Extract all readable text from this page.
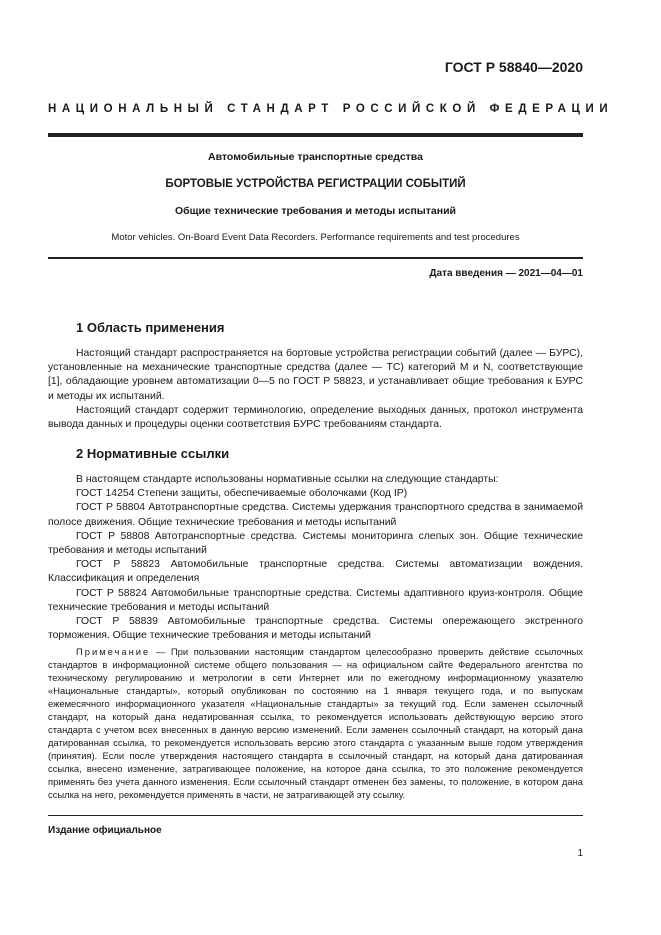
ГОСТ Р 58840—2020
НАЦИОНАЛЬНЫЙ СТАНДАРТ РОССИЙСКОЙ ФЕДЕРАЦИИ
Автомобильные транспортные средства
БОРТОВЫЕ УСТРОЙСТВА РЕГИСТРАЦИИ СОБЫТИЙ
Общие технические требования и методы испытаний
Motor vehicles. On-Board Event Data Recorders. Performance requirements and test procedures
Дата введения — 2021—04—01
1 Область применения

Настоящий стандарт распространяется на бортовые устройства регистрации событий (далее — БУРС), установленные на механические транспортные средства (далее — ТС) категорий M и N, соответствующие [1], обладающие уровнем автоматизации 0—5 по ГОСТ Р 58823, и устанавливает общие требования к БУРС и методы их испытаний.

Настоящий стандарт содержит терминологию, определение выходных данных, протокол инструмента вывода данных и процедуры оценки соответствия БУРС требованиям стандарта.

2 Нормативные ссылки

В настоящем стандарте использованы нормативные ссылки на следующие стандарты:

ГОСТ 14254 Степени защиты, обеспечиваемые оболочками (Код IP)

ГОСТ Р 58804 Автотранспортные средства. Системы удержания транспортного средства в занимаемой полосе движения. Общие технические требования и методы испытаний

ГОСТ Р 58808 Автотранспортные средства. Системы мониторинга слепых зон. Общие технические требования и методы испытаний

ГОСТ Р 58823 Автомобильные транспортные средства. Системы автоматизации вождения. Классификация и определения

ГОСТ Р 58824 Автомобильные транспортные средства. Системы адаптивного круиз-контроля. Общие технические требования и методы испытаний

ГОСТ Р 58839 Автомобильные транспортные средства. Системы опережающего экстренного торможения. Общие технические требования и методы испытаний

Примечание — При пользовании настоящим стандартом целесообразно проверить действие ссылочных стандартов в информационной системе общего пользования — на официальном сайте Федерального агентства по техническому регулированию и метрологии в сети Интернет или по ежегодному информационному указателю «Национальные стандарты», который опубликован по состоянию на 1 января текущего года, и по выпускам ежемесячного информационного указателя «Национальные стандарты» за текущий год. Если заменен ссылочный стандарт, на который дана недатированная ссылка, то рекомендуется использовать действующую версию этого стандарта с учетом всех внесенных в данную версию изменений. Если заменен ссылочный стандарт, на который дана датированная ссылка, то рекомендуется использовать версию этого стандарта с указанным выше годом утверждения (принятия). Если после утверждения настоящего стандарта в ссылочный стандарт, на который дана датированная ссылка, внесено изменение, затрагивающее положение, на которое дана ссылка, то это положение рекомендуется применять без учета данного изменения. Если ссылочный стандарт отменен без замены, то положение, в котором дана ссылка на него, рекомендуется применять в части, не затрагивающей эту ссылку.

Издание официальное
1
